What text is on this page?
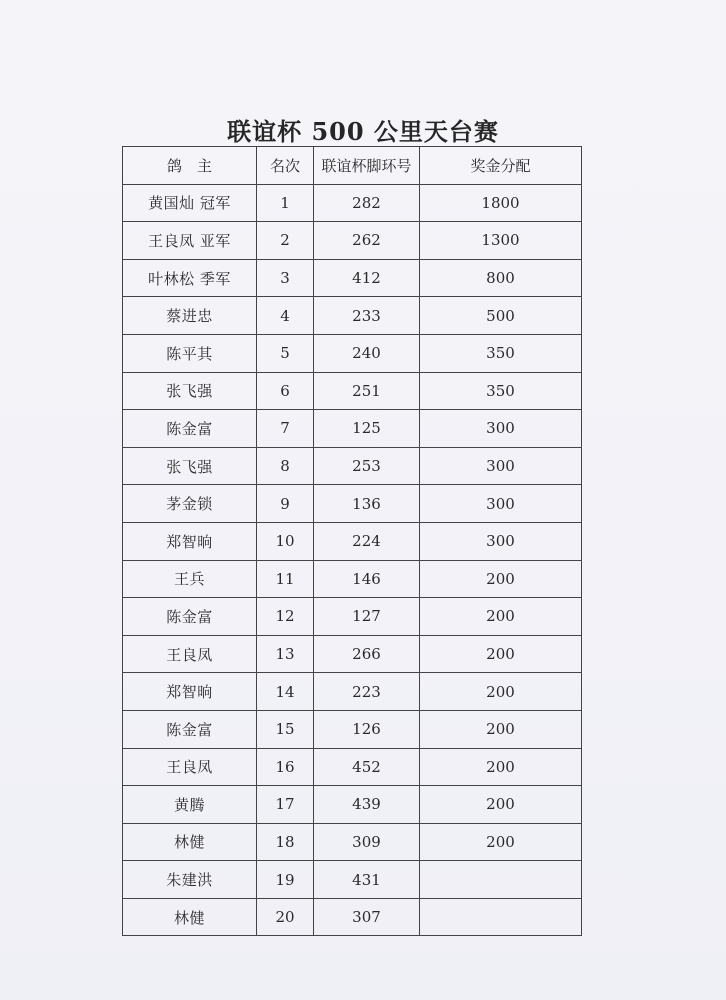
联谊杯 500 公里天台赛
鸽　主	名次	联谊杯脚环号	奖金分配
黄国灿 冠军	1	282	1800
王良凤 亚军	2	262	1300
叶林松 季军	3	412	800
蔡进忠	4	233	500
陈平其	5	240	350
张飞强	6	251	350
陈金富	7	125	300
张飞强	8	253	300
茅金锁	9	136	300
郑智晌	10	224	300
王兵	11	146	200
陈金富	12	127	200
王良凤	13	266	200
郑智晌	14	223	200
陈金富	15	126	200
王良凤	16	452	200
黄腾	17	439	200
林健	18	309	200
朱建洪	19	431	
林健	20	307	
